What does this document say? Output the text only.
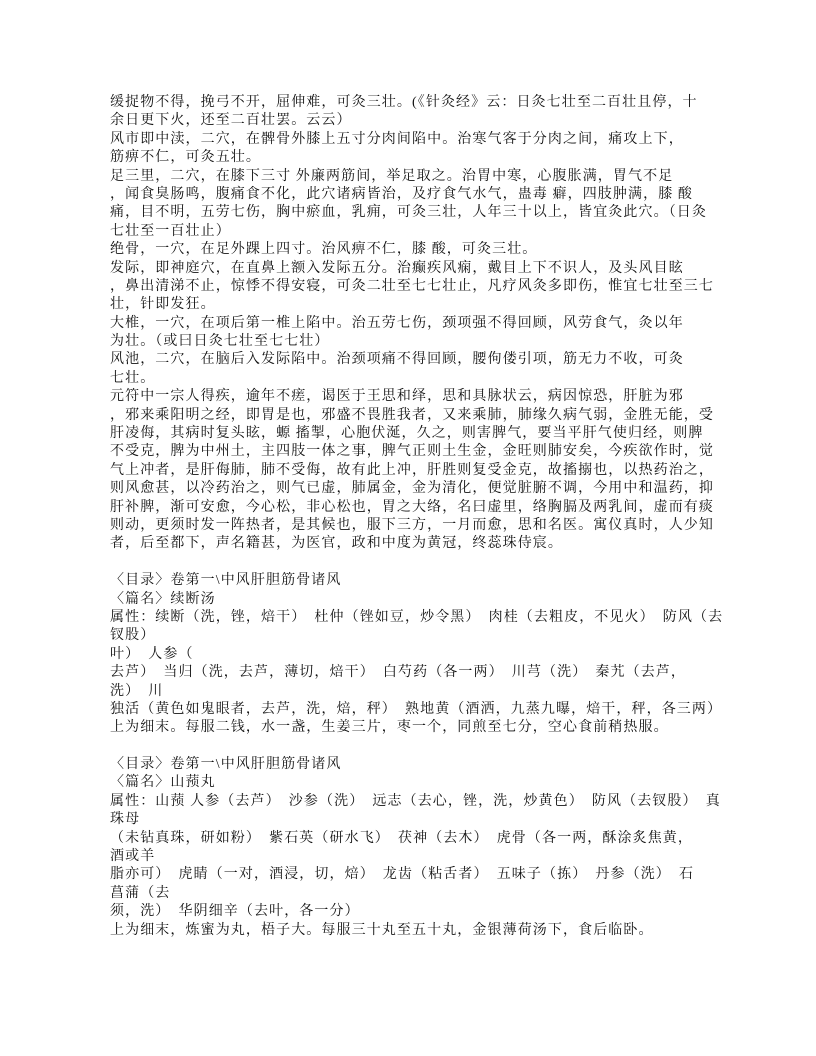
缓捉物不得，挽弓不开，屈伸难，可灸三壮。(《针灸经》云：日灸七壮至二百壮且停，十
余日更下火，还至二百壮罢。云云）
风市即中渎，二穴，在髀骨外膝上五寸分肉间陷中。治寒气客于分肉之间，痛攻上下，
筋痹不仁，可灸五壮。
足三里，二穴，在膝下三寸 外廉两筋间，举足取之。治胃中寒，心腹胀满，胃气不足
，闻食臭肠鸣，腹痛食不化，此穴诸病皆治，及疗食气水气，蛊毒 癖，四肢肿满，膝 酸
痛，目不明，五劳七伤，胸中瘀血，乳痈，可灸三壮，人年三十以上，皆宜灸此穴。（日灸
七壮至一百壮止）
绝骨，一穴，在足外踝上四寸。治风痹不仁，膝 酸，可灸三壮。
发际，即神庭穴，在直鼻上额入发际五分。治癫疾风痫，戴目上下不识人，及头风目眩
，鼻出清涕不止，惊悸不得安寝，可灸二壮至七七壮止，凡疗风灸多即伤，惟宜七壮至三七
壮，针即发狂。
大椎，一穴，在项后第一椎上陷中。治五劳七伤，颈项强不得回顾，风劳食气，灸以年
为壮。（或曰日灸七壮至七七壮）
风池，二穴，在脑后入发际陷中。治颈项痛不得回顾，腰佝偻引项，筋无力不收，可灸
七壮。
元符中一宗人得疾，逾年不瘥，谒医于王思和绎，思和具脉状云，病因惊恐，肝脏为邪
，邪来乘阳明之经，即胃是也，邪盛不畏胜我者，又来乘肺，肺缘久病气弱，金胜无能，受
肝凌侮，其病时复头眩，螈 搐掣，心胞伏涎，久之，则害脾气，要当平肝气使归经，则脾
不受克，脾为中州土，主四肢一体之事，脾气正则土生金，金旺则肺安矣，今疾欲作时，觉
气上冲者，是肝侮肺，肺不受侮，故有此上冲，肝胜则复受金克，故搐搦也，以热药治之，
则风愈甚，以冷药治之，则气已虚，肺属金，金为清化，便觉脏腑不调，今用中和温药，抑
肝补脾，渐可安愈，今心松，非心松也，胃之大络，名曰虚里，络胸膈及两乳间，虚而有痰
则动，更须时发一阵热者，是其候也，服下三方，一月而愈，思和名医。寓仪真时，人少知
者，后至都下，声名籍甚，为医官，政和中度为黄冠，终蕊珠侍宸。

〈目录〉卷第一\中风肝胆筋骨诸风
〈篇名〉续断汤
属性：续断（洗，锉，焙干）　杜仲（锉如豆，炒令黑）　肉桂（去粗皮，不见火）　防风（去
钗股）
叶）　人参（
去芦）　当归（洗，去芦，薄切，焙干）　白芍药（各一两）　川芎（洗）　秦艽（去芦，
洗）　川
独活（黄色如鬼眼者，去芦，洗，焙，秤）　熟地黄（酒洒，九蒸九曝，焙干，秤，各三两）
上为细末。每服二钱，水一盏，生姜三片，枣一个，同煎至七分，空心食前稍热服。

〈目录〉卷第一\中风肝胆筋骨诸风
〈篇名〉山蓣丸
属性：山蓣 人参（去芦）　沙参（洗）　远志（去心，锉，洗，炒黄色）　防风（去钗股）　真
珠母
（未钻真珠，研如粉）　紫石英（研水飞）　茯神（去木）　虎骨（各一两，酥涂炙焦黄，
酒或羊
脂亦可）　虎睛（一对，酒浸，切，焙）　龙齿（粘舌者）　五味子（拣）　丹参（洗）　石
菖蒲（去
须，洗）　华阴细辛（去叶，各一分）
上为细末，炼蜜为丸，梧子大。每服三十丸至五十丸，金银薄荷汤下，食后临卧。
